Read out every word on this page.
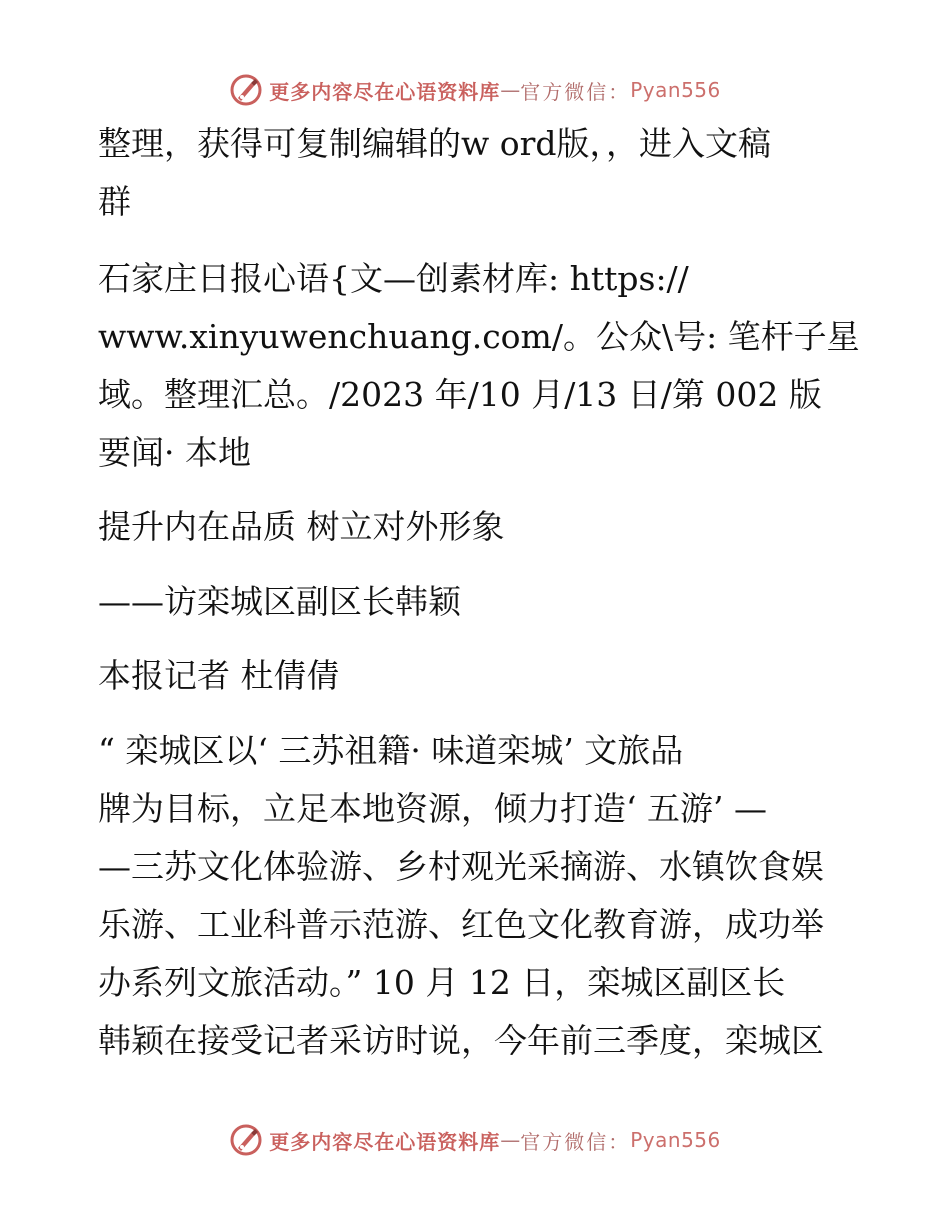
更多内容尽在心语资料库 — 官方微信： Pyan556
整理，获得可复制编辑的w ord版，，进入文稿
群
石家庄日报心语{文—创素材库: https://
www.xinyuwenchuang.com/。公众\号: 笔杆子星
域。整理汇总。/2023 年/10 月/13 日/第 002 版
要闻· 本地
提升内在品质 树立对外形象
——访栾城区副区长韩颖
本报记者 杜倩倩
“ 栾城区以‘ 三苏祖籍· 味道栾城’ 文旅品
牌为目标，立足本地资源，倾力打造‘ 五游’ —
—三苏文化体验游、乡村观光采摘游、水镇饮食娱
乐游、工业科普示范游、红色文化教育游，成功举
办系列文旅活动。” 10 月 12 日，栾城区副区长
韩颖在接受记者采访时说，今年前三季度，栾城区
更多内容尽在心语资料库 — 官方微信： Pyan556
